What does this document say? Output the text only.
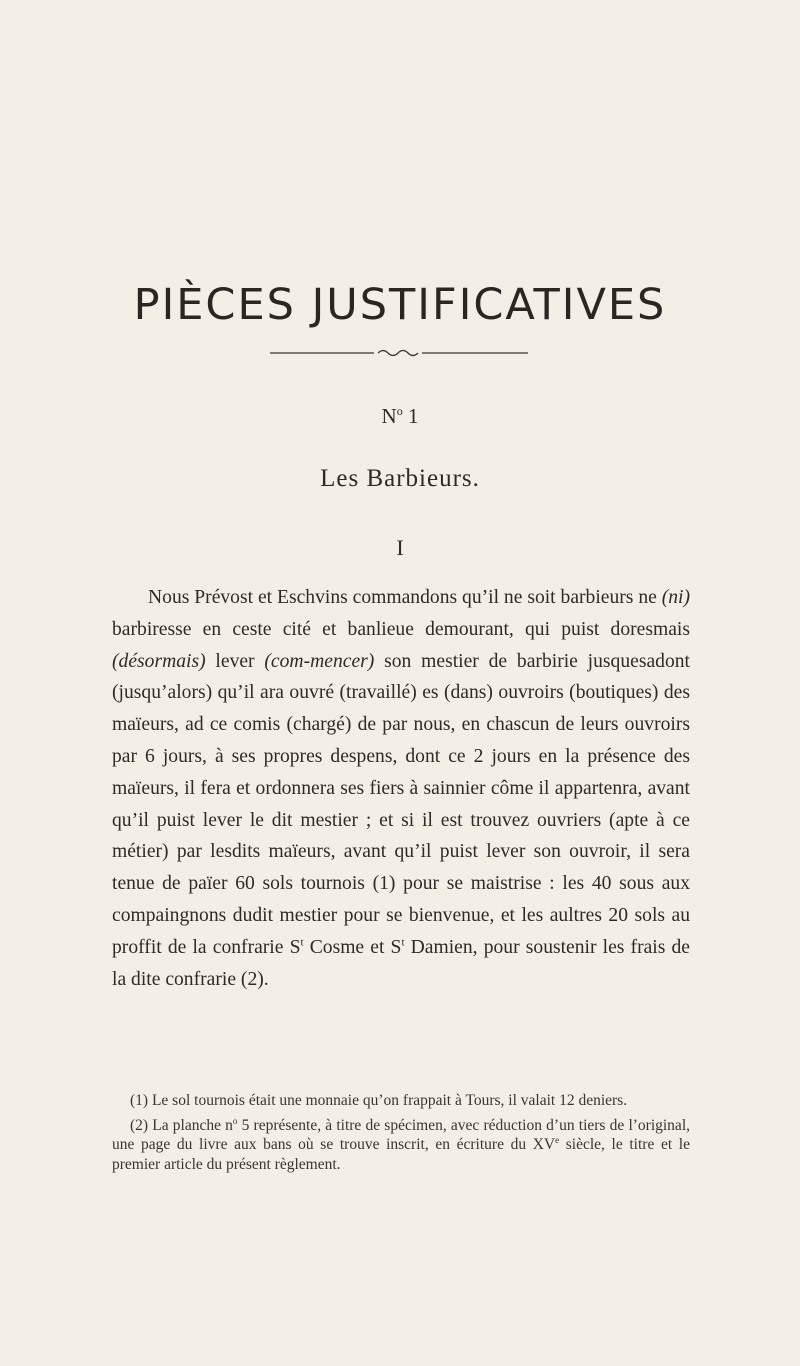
PIÈCES JUSTIFICATIVES
$N^o$ 1
Les Barbieurs.
I
Nous Prévost et Eschvins commandons qu’il ne soit barbieurs ne (ni) barbiresse en ceste cité et banlieue demourant, qui puist doresmais (désormais) lever (com-mencer) son mestier de barbirie jusquesadont (jusqu’alors) qu’il ara ouvré (travaillé) es (dans) ouvroirs (boutiques) des maïeurs, ad ce comis (chargé) de par nous, en chascun de leurs ouvroirs par 6 jours, à ses propres despens, dont ce 2 jours en la présence des maïeurs, il fera et ordonnera ses fiers à sainnier côme il appartenra, avant qu’il puist lever le dit mestier ; et si il est trouvez ouvriers (apte à ce métier) par lesdits maïeurs, avant qu’il puist lever son ouvroir, il sera tenue de païer 60 sols tournois (1) pour se maistrise : les 40 sous aux compaingnons dudit mestier pour se bienvenue, et les aultres 20 sols au proffit de la confrarie $S^t$ Cosme et $S^t$ Damien, pour soustenir les frais de la dite confrarie (2).

(1) Le sol tournois était une monnaie qu’on frappait à Tours, il valait 12 deniers.

(2) La planche $n^o$ 5 représente, à titre de spécimen, avec réduction d’un tiers de l’original, une page du livre aux bans où se trouve inscrit, en écriture du XVe siècle, le titre et le premier article du présent règlement.
